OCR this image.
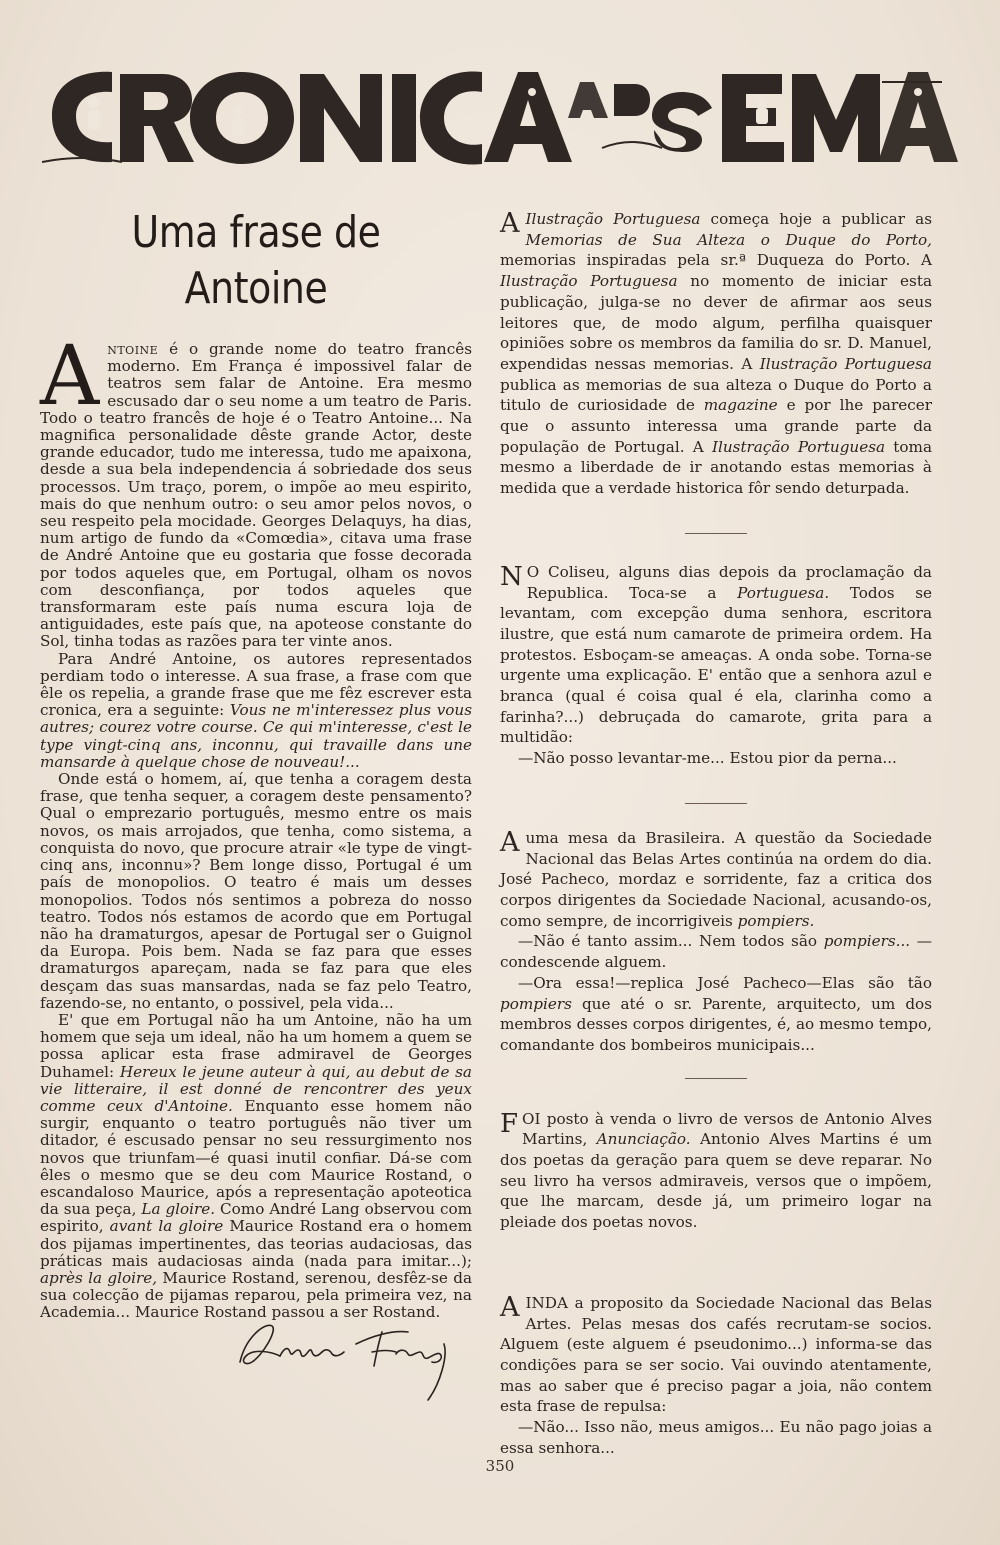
Uma frase de Antoine

Antoine é o grande nome do teatro francês moderno. Em França é impossivel falar de teatros sem falar de Antoine. Era mesmo escusado dar o seu nome a um teatro de Paris. Todo o teatro francês de hoje é o Teatro Antoine... Na magnifica personalidade dêste grande Actor, deste grande educador, tudo me interessa, tudo me apaixona, desde a sua bela independencia á sobriedade dos seus processos. Um traço, porem, o impõe ao meu espirito, mais do que nenhum outro: o seu amor pelos novos, o seu respeito pela mocidade. Georges Delaquys, ha dias, num artigo de fundo da «Comœdia», citava uma frase de André Antoine que eu gostaria que fosse decorada por todos aqueles que, em Portugal, olham os novos com desconfiança, por todos aqueles que transformaram este país numa escura loja de antiguidades, este país que, na apoteose constante do Sol, tinha todas as razões para ter vinte anos.

Para André Antoine, os autores representados perdiam todo o interesse. A sua frase, a frase com que êle os repelia, a grande frase que me fêz escrever esta cronica, era a seguinte: Vous ne m'interessez plus vous autres; courez votre course. Ce qui m'interesse, c'est le type vingt-cinq ans, inconnu, qui travaille dans une mansarde à quelque chose de nouveau!...

Onde está o homem, aí, que tenha a coragem desta frase, que tenha sequer, a coragem deste pensamento? Qual o emprezario português, mesmo entre os mais novos, os mais arrojados, que tenha, como sistema, a conquista do novo, que procure atrair «le type de vingt-cinq ans, inconnu»? Bem longe disso, Portugal é um país de monopolios. O teatro é mais um desses monopolios. Todos nós sentimos a pobreza do nosso teatro. Todos nós estamos de acordo que em Portugal não ha dramaturgos, apesar de Portugal ser o Guignol da Europa. Pois bem. Nada se faz para que esses dramaturgos apareçam, nada se faz para que eles desçam das suas mansardas, nada se faz pelo Teatro, fazendo-se, no entanto, o possivel, pela vida...

E' que em Portugal não ha um Antoine, não ha um homem que seja um ideal, não ha um homem a quem se possa aplicar esta frase admiravel de Georges Duhamel: Hereux le jeune auteur à qui, au debut de sa vie litteraire, il est donné de rencontrer des yeux comme ceux d'Antoine. Enquanto esse homem não surgir, enquanto o teatro português não tiver um ditador, é escusado pensar no seu ressurgimento nos novos que triunfam—é quasi inutil confiar. Dá-se com êles o mesmo que se deu com Maurice Rostand, o escandaloso Maurice, após a representação apoteotica da sua peça, La gloire. Como André Lang observou com espirito, avant la gloire Maurice Rostand era o homem dos pijamas impertinentes, das teorias audaciosas, das práticas mais audaciosas ainda (nada para imitar...); après la gloire, Maurice Rostand, serenou, desfêz-se da sua colecção de pijamas reparou, pela primeira vez, na Academia... Maurice Rostand passou a ser Rostand.

A Ilustração Portuguesa começa hoje a publicar as Memorias de Sua Alteza o Duque do Porto, memorias inspiradas pela sr.ª Duqueza do Porto. A Ilustração Portuguesa no momento de iniciar esta publicação, julga-se no dever de afirmar aos seus leitores que, de modo algum, perfilha quaisquer opiniões sobre os membros da familia do sr. D. Manuel, expendidas nessas memorias. A Ilustração Portuguesa publica as memorias de sua alteza o Duque do Porto a titulo de curiosidade de magazine e por lhe parecer que o assunto interessa uma grande parte da população de Portugal. A Ilustração Portuguesa toma mesmo a liberdade de ir anotando estas memorias à medida que a verdade historica fôr sendo deturpada.

N O Coliseu, alguns dias depois da proclamação da Republica. Toca-se a Portuguesa. Todos se levantam, com excepção duma senhora, escritora ilustre, que está num camarote de primeira ordem. Ha protestos. Esboçam-se ameaças. A onda sobe. Torna-se urgente uma explicação. E' então que a senhora azul e branca (qual é coisa qual é ela, clarinha como a farinha?...) debruçada do camarote, grita para a multidão:

—Não posso levantar-me... Estou pior da perna...

Auma mesa da Brasileira. A questão da Sociedade Nacional das Belas Artes continúa na ordem do dia. José Pacheco, mordaz e sorridente, faz a critica dos corpos dirigentes da Sociedade Nacional, acusando-os, como sempre, de incorrigiveis pompiers.

—Não é tanto assim... Nem todos são pompiers... —condescende alguem.

—Ora essa!—replica José Pacheco—Elas são tão pompiers que até o sr. Parente, arquitecto, um dos membros desses corpos dirigentes, é, ao mesmo tempo, comandante dos bombeiros municipais...

FOI posto à venda o livro de versos de Antonio Alves Martins, Anunciação. Antonio Alves Martins é um dos poetas da geração para quem se deve reparar. No seu livro ha versos admiraveis, versos que o impõem, que lhe marcam, desde já, um primeiro logar na pleiade dos poetas novos.

AINDA a proposito da Sociedade Nacional das Belas Artes. Pelas mesas dos cafés recrutam-se socios. Alguem (este alguem é pseudonimo...) informa-se das condições para se ser socio. Vai ouvindo atentamente, mas ao saber que é preciso pagar a joia, não contem esta frase de repulsa:

—Não... Isso não, meus amigos... Eu não pago joias a essa senhora...

350
